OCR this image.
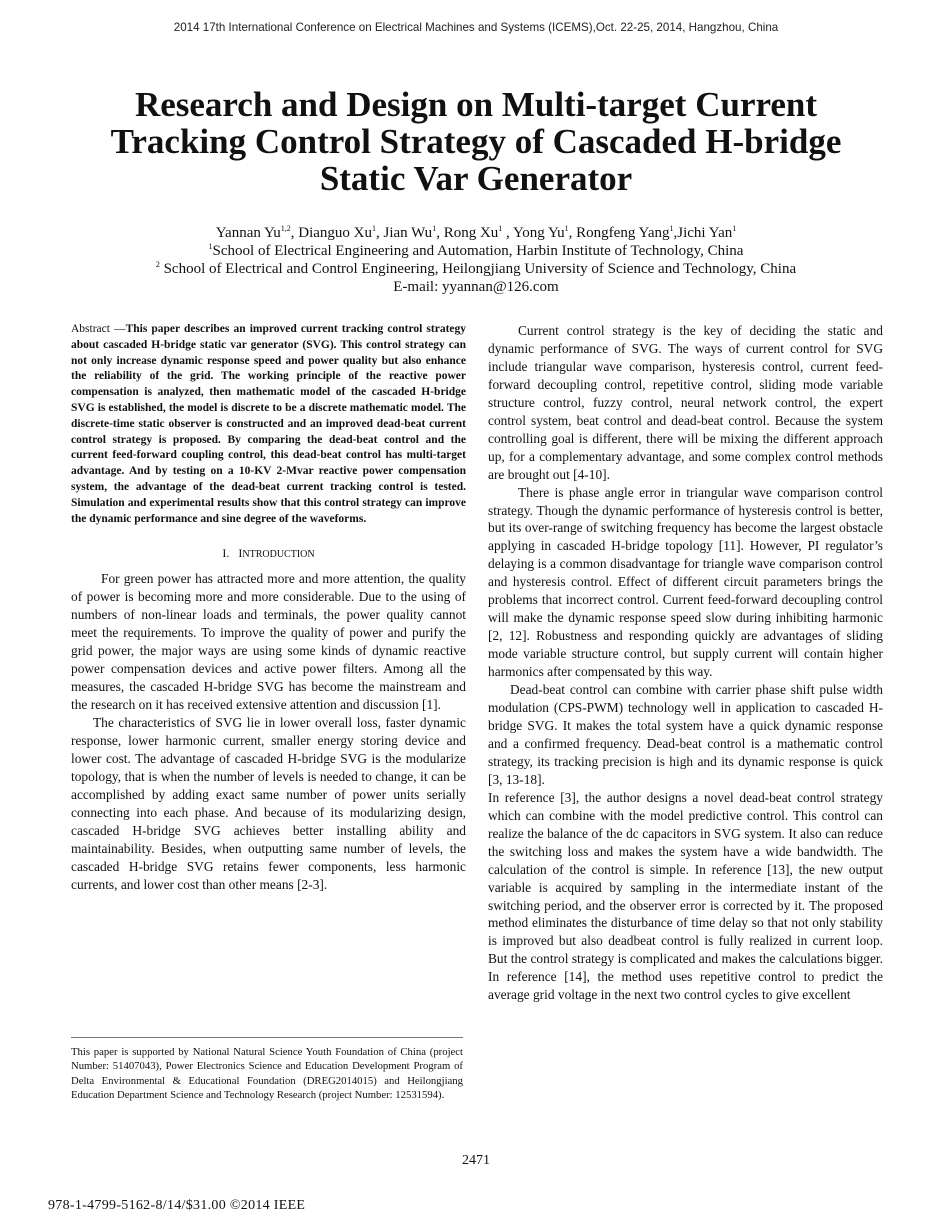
2014 17th International Conference on Electrical Machines and Systems (ICEMS),Oct. 22-25, 2014, Hangzhou, China
Research and Design on Multi-target Current
Tracking Control Strategy of Cascaded H-bridge
Static Var Generator
Yannan Yu$^{1,2}$, Dianguo Xu$^1$, Jian Wu$^1$, Rong Xu$^1$ , Yong Yu$^1$, Rongfeng Yang$^1$,Jichi Yan$^1$
$^1$School of Electrical Engineering and Automation, Harbin Institute of Technology, China
$^2$ School of Electrical and Control Engineering, Heilongjiang University of Science and Technology, China
E-mail: yyannan@126.com

Abstract —This paper describes an improved current tracking control strategy about cascaded H-bridge static var generator (SVG). This control strategy can not only increase dynamic response speed and power quality but also enhance the reliability of the grid. The working principle of the reactive power compensation is analyzed, then mathematic model of the cascaded H-bridge SVG is established, the model is discrete to be a discrete mathematic model. The discrete-time static observer is constructed and an improved dead-beat current control strategy is proposed. By comparing the dead-beat control and the current feed-forward coupling control, this dead-beat control has multi-target advantage. And by testing on a 10-KV 2-Mvar reactive power compensation system, the advantage of the dead-beat current tracking control is tested. Simulation and experimental results show that this control strategy can improve the dynamic performance and sine degree of the waveforms.

I. INTRODUCTION

For green power has attracted more and more attention, the quality of power is becoming more and more considerable. Due to the using of numbers of non-linear loads and terminals, the power quality cannot meet the requirements. To improve the quality of power and purify the grid power, the major ways are using some kinds of dynamic reactive power compensation devices and active power filters. Among all the measures, the cascaded H-bridge SVG has become the mainstream and the research on it has received extensive attention and discussion [1].

The characteristics of SVG lie in lower overall loss, faster dynamic response, lower harmonic current, smaller energy storing device and lower cost. The advantage of cascaded H-bridge SVG is the modularize topology, that is when the number of levels is needed to change, it can be accomplished by adding exact same number of power units serially connecting into each phase. And because of its modularizing design, cascaded H-bridge SVG achieves better installing ability and maintainability. Besides, when outputting same number of levels, the cascaded H-bridge SVG retains fewer components, less harmonic currents, and lower cost than other means [2-3].

This paper is supported by National Natural Science Youth Foundation of China (project Number: 51407043), Power Electronics Science and Education Development Program of Delta Environmental & Educational Foundation (DREG2014015) and Heilongjiang Education Department Science and Technology Research (project Number: 12531594).

Current control strategy is the key of deciding the static and dynamic performance of SVG. The ways of current control for SVG include triangular wave comparison, hysteresis control, current feed-forward decoupling control, repetitive control, sliding mode variable structure control, fuzzy control, neural network control, the expert control system, beat control and dead-beat control. Because the system controlling goal is different, there will be mixing the different approach up, for a complementary advantage, and some complex control methods are brought out [4-10].

There is phase angle error in triangular wave comparison control strategy. Though the dynamic performance of hysteresis control is better, but its over-range of switching frequency has become the largest obstacle applying in cascaded H-bridge topology [11]. However, PI regulator’s delaying is a common disadvantage for triangle wave comparison control and hysteresis control. Effect of different circuit parameters brings the problems that incorrect control. Current feed-forward decoupling control will make the dynamic response speed slow during inhibiting harmonic [2, 12]. Robustness and responding quickly are advantages of sliding mode variable structure control, but supply current will contain higher harmonics after compensated by this way.

Dead-beat control can combine with carrier phase shift pulse width modulation (CPS-PWM) technology well in application to cascaded H-bridge SVG. It makes the total system have a quick dynamic response and a confirmed frequency. Dead-beat control is a mathematic control strategy, its tracking precision is high and its dynamic response is quick [3, 13-18].

In reference [3], the author designs a novel dead-beat control strategy which can combine with the model predictive control. This control can realize the balance of the dc capacitors in SVG system. It also can reduce the switching loss and makes the system have a wide bandwidth. The calculation of the control is simple. In reference [13], the new output variable is acquired by sampling in the intermediate instant of the switching period, and the observer error is corrected by it. The proposed method eliminates the disturbance of time delay so that not only stability is improved but also deadbeat control is fully realized in current loop. But the control strategy is complicated and makes the calculations bigger. In reference [14], the method uses repetitive control to predict the average grid voltage in the next two control cycles to give excellent

2471
978-1-4799-5162-8/14/$31.00 ©2014 IEEE
